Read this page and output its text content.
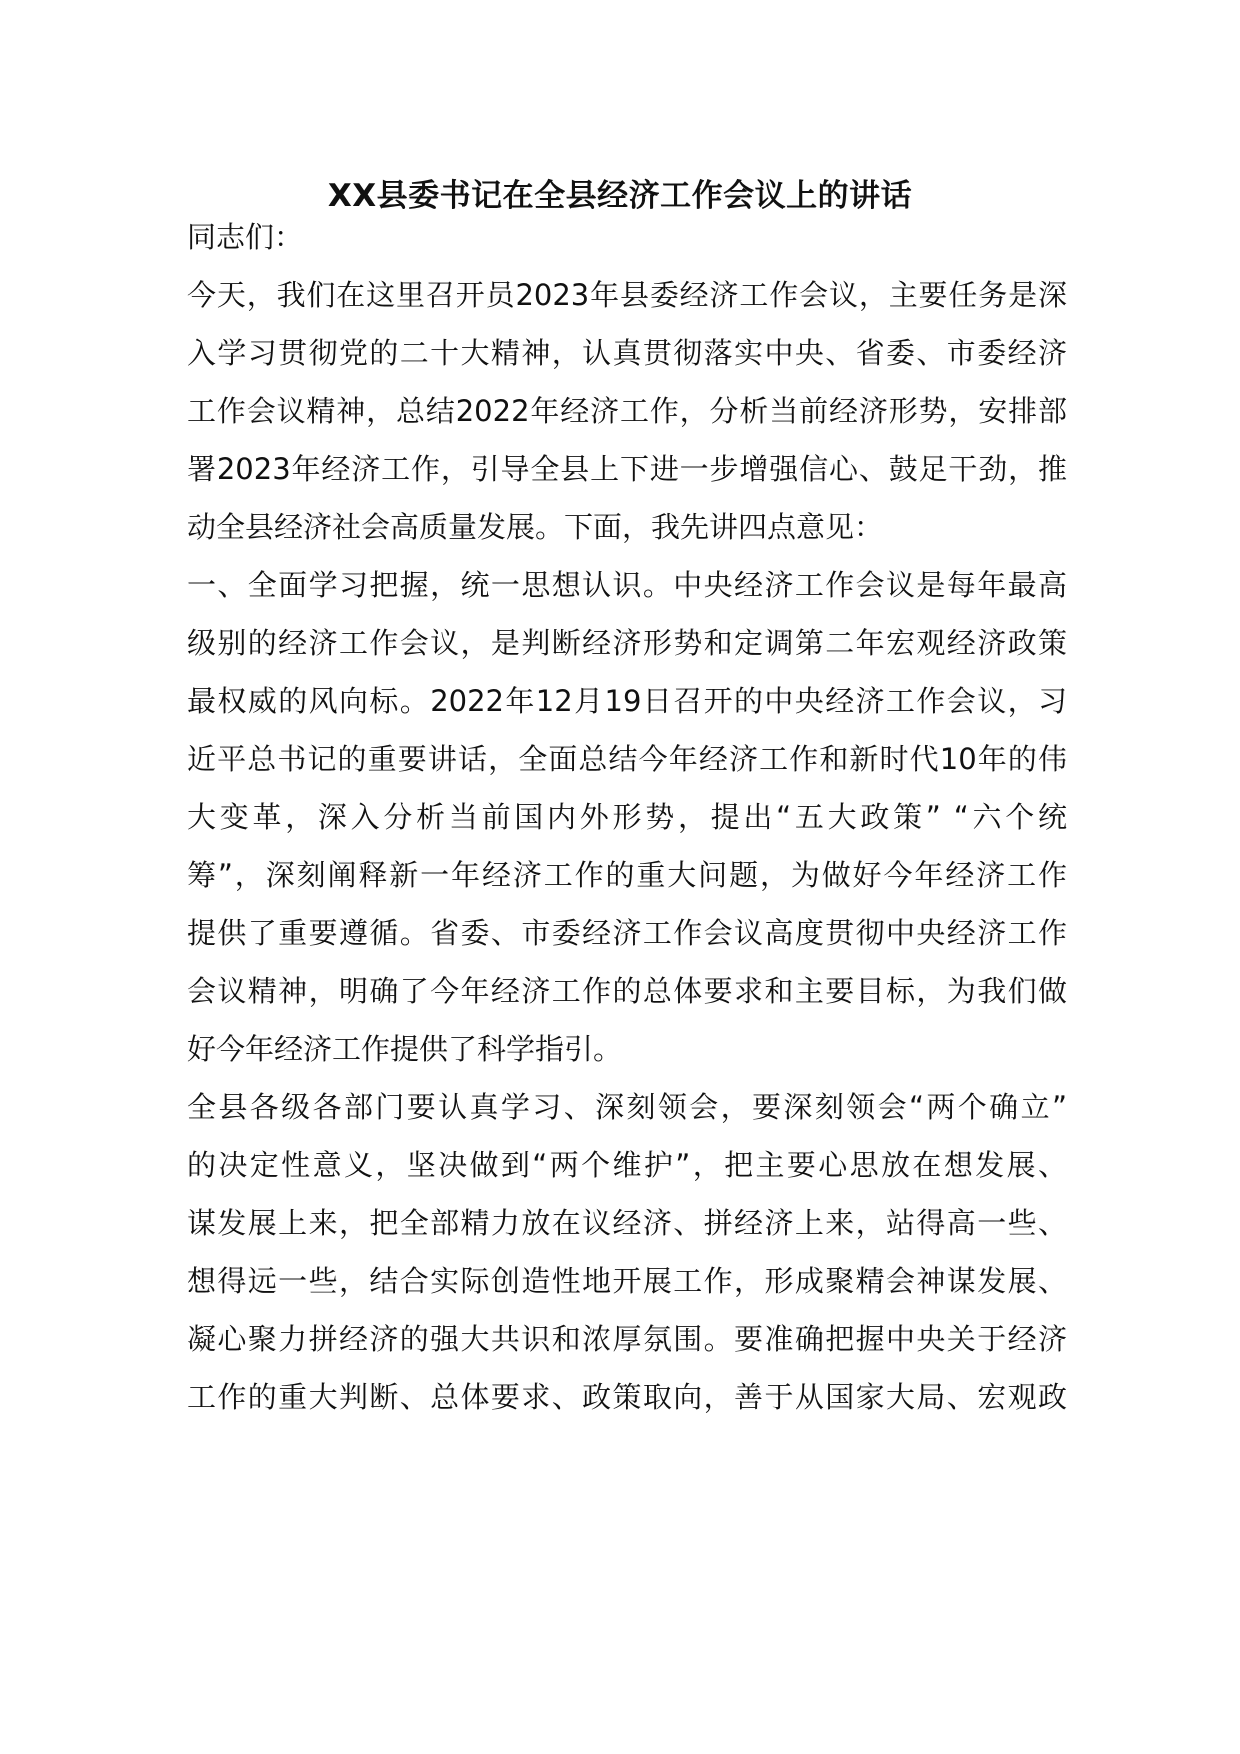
XX县委书记在全县经济工作会议上的讲话

同志们：

今天，我们在这里召开员2023年县委经济工作会议，主要任务是深

入学习贯彻党的二十大精神，认真贯彻落实中央、省委、市委经济

工作会议精神，总结2022年经济工作，分析当前经济形势，安排部

署2023年经济工作，引导全县上下进一步增强信心、鼓足干劲，推

动全县经济社会高质量发展。下面，我先讲四点意见：

一、全面学习把握，统一思想认识。中央经济工作会议是每年最高

级别的经济工作会议，是判断经济形势和定调第二年宏观经济政策

最权威的风向标。2022年12月19日召开的中央经济工作会议，习

近平总书记的重要讲话，全面总结今年经济工作和新时代10年的伟

大变革，深入分析当前国内外形势，提出“五大政策” “六个统

筹”，深刻阐释新一年经济工作的重大问题，为做好今年经济工作

提供了重要遵循。省委、市委经济工作会议高度贯彻中央经济工作

会议精神，明确了今年经济工作的总体要求和主要目标，为我们做

好今年经济工作提供了科学指引。

全县各级各部门要认真学习、深刻领会，要深刻领会“两个确立”

的决定性意义，坚决做到“两个维护”，把主要心思放在想发展、

谋发展上来，把全部精力放在议经济、拼经济上来，站得高一些、

想得远一些，结合实际创造性地开展工作，形成聚精会神谋发展、

凝心聚力拼经济的强大共识和浓厚氛围。要准确把握中央关于经济

工作的重大判断、总体要求、政策取向，善于从国家大局、宏观政
